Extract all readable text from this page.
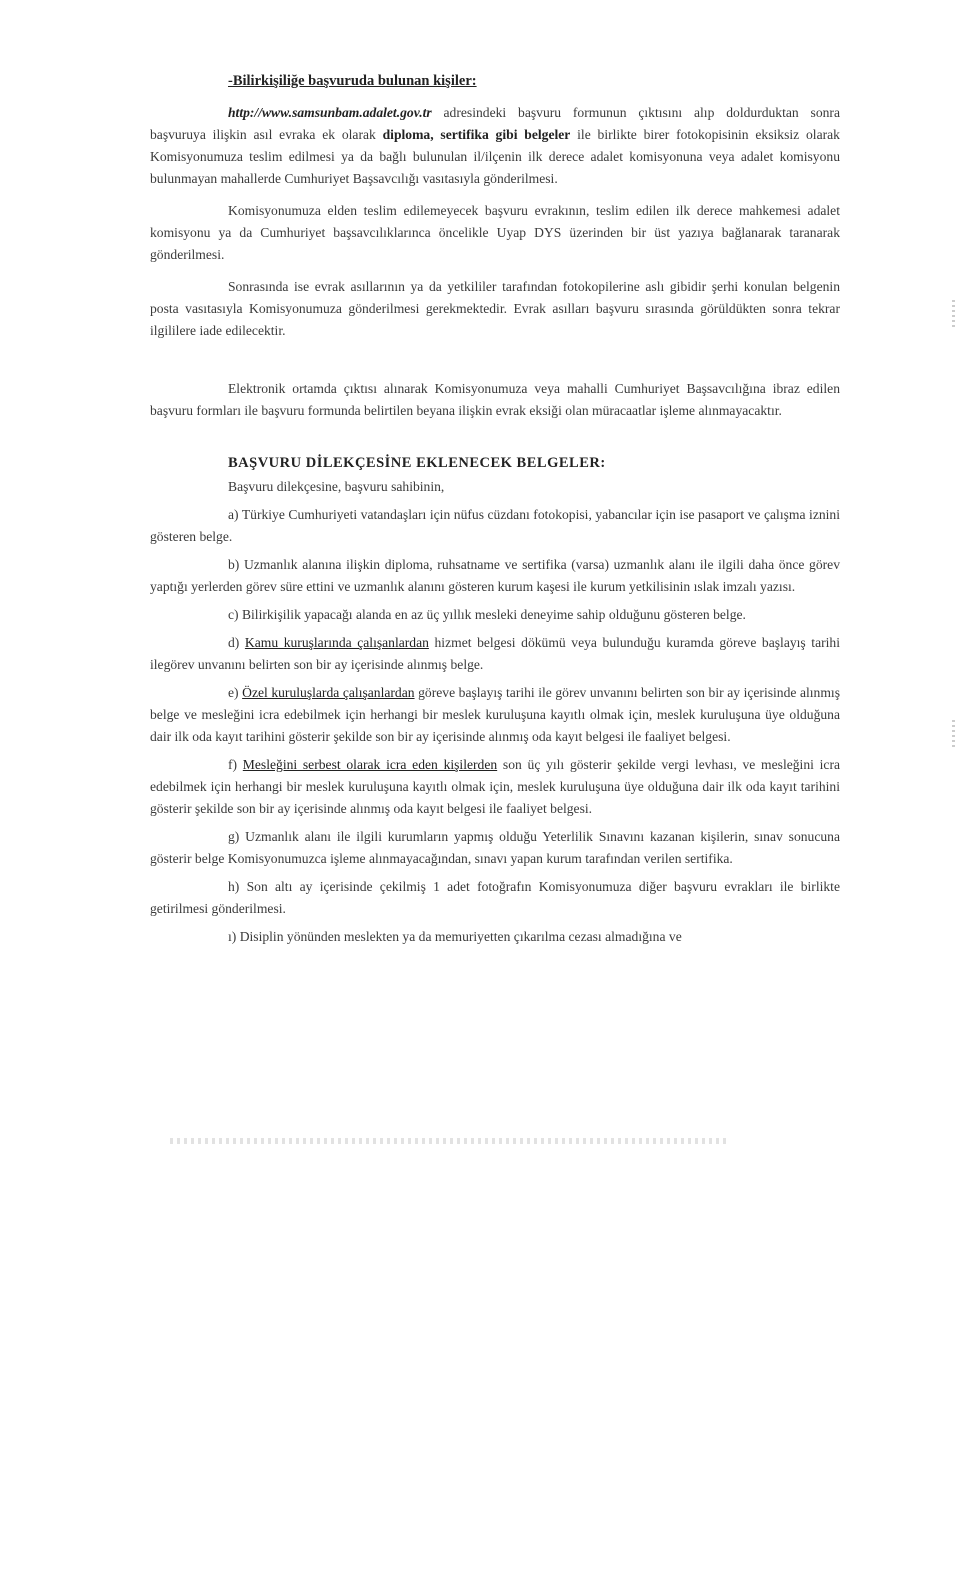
-Bilirkişiliğe başvuruda bulunan kişiler:

http://www.samsunbam.adalet.gov.tr adresindeki başvuru formunun çıktısını alıp doldurduktan sonra başvuruya ilişkin asıl evraka ek olarak diploma, sertifika gibi belgeler ile birlikte birer fotokopisinin eksiksiz olarak Komisyonumuza teslim edilmesi ya da bağlı bulunulan il/ilçenin ilk derece adalet komisyonuna veya adalet komisyonu bulunmayan mahallerde Cumhuriyet Başsavcılığı vasıtasıyla gönderilmesi.

Komisyonumuza elden teslim edilemeyecek başvuru evrakının, teslim edilen ilk derece mahkemesi adalet komisyonu ya da Cumhuriyet başsavcılıklarınca öncelikle Uyap DYS üzerinden bir üst yazıya bağlanarak taranarak gönderilmesi.

Sonrasında ise evrak asıllarının ya da yetkililer tarafından fotokopilerine aslı gibidir şerhi konulan belgenin posta vasıtasıyla Komisyonumuza gönderilmesi gerekmektedir. Evrak asılları başvuru sırasında görüldükten sonra tekrar ilgililere iade edilecektir.

Elektronik ortamda çıktısı alınarak Komisyonumuza veya mahalli Cumhuriyet Başsavcılığına ibraz edilen başvuru formları ile başvuru formunda belirtilen beyana ilişkin evrak eksiği olan müracaatlar işleme alınmayacaktır.

BAŞVURU DİLEKÇESİNE EKLENECEK BELGELER:

Başvuru dilekçesine, başvuru sahibinin,

a) Türkiye Cumhuriyeti vatandaşları için nüfus cüzdanı fotokopisi, yabancılar için ise pasaport ve çalışma iznini gösteren belge.

b) Uzmanlık alanına ilişkin diploma, ruhsatname ve sertifika (varsa) uzmanlık alanı ile ilgili daha önce görev yaptığı yerlerden görev süre ettini ve uzmanlık alanını gösteren kurum kaşesi ile kurum yetkilisinin ıslak imzalı yazısı.

c) Bilirkişilik yapacağı alanda en az üç yıllık mesleki deneyime sahip olduğunu gösteren belge.

d) Kamu kuruşlarında çalışanlardan hizmet belgesi dökümü veya bulunduğu kuramda göreve başlayış tarihi ilegörev unvanını belirten son bir ay içerisinde alınmış belge.

e) Özel kuruluşlarda çalışanlardan göreve başlayış tarihi ile görev unvanını belirten son bir ay içerisinde alınmış belge ve mesleğini icra edebilmek için herhangi bir meslek kuruluşuna kayıtlı olmak için, meslek kuruluşuna üye olduğuna dair ilk oda kayıt tarihini gösterir şekilde son bir ay içerisinde alınmış oda kayıt belgesi ile faaliyet belgesi.

f) Mesleğini serbest olarak icra eden kişilerden son üç yılı gösterir şekilde vergi levhası, ve mesleğini icra edebilmek için herhangi bir meslek kuruluşuna kayıtlı olmak için, meslek kuruluşuna üye olduğuna dair ilk oda kayıt tarihini gösterir şekilde son bir ay içerisinde alınmış oda kayıt belgesi ile faaliyet belgesi.

g) Uzmanlık alanı ile ilgili kurumların yapmış olduğu Yeterlilik Sınavını kazanan kişilerin, sınav sonucuna gösterir belge Komisyonumuzca işleme alınmayacağından, sınavı yapan kurum tarafından verilen sertifika.

h) Son altı ay içerisinde çekilmiş 1 adet fotoğrafın Komisyonumuza diğer başvuru evrakları ile birlikte getirilmesi gönderilmesi.

ı) Disiplin yönünden meslekten ya da memuriyetten çıkarılma cezası almadığına ve
